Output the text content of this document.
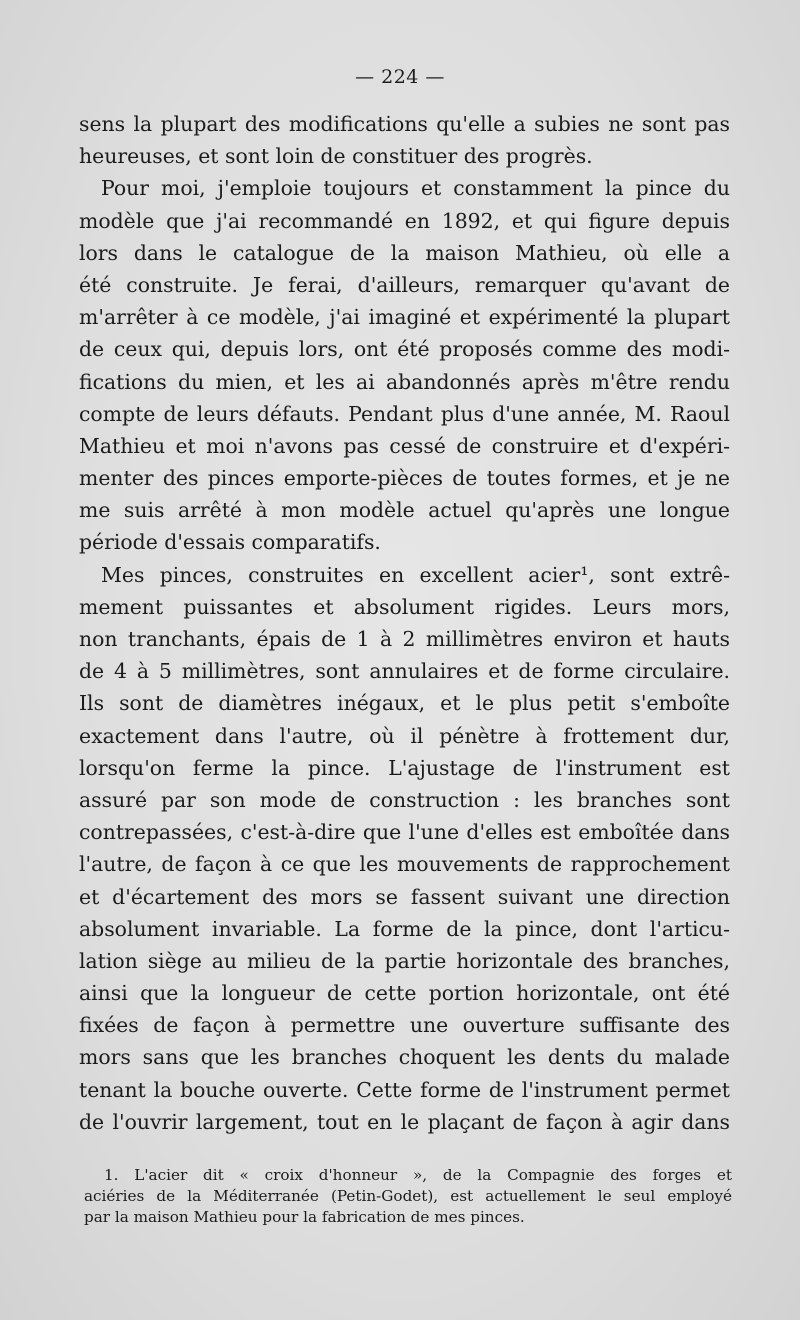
— 224 —
sens la plupart des modifications qu'elle a subies ne sont pas
heureuses, et sont loin de constituer des progrès.
Pour moi, j'emploie toujours et constamment la pince du
modèle que j'ai recommandé en 1892, et qui figure depuis
lors dans le catalogue de la maison Mathieu, où elle a
été construite. Je ferai, d'ailleurs, remarquer qu'avant de
m'arrêter à ce modèle, j'ai imaginé et expérimenté la plupart
de ceux qui, depuis lors, ont été proposés comme des modi-
fications du mien, et les ai abandonnés après m'être rendu
compte de leurs défauts. Pendant plus d'une année, M. Raoul
Mathieu et moi n'avons pas cessé de construire et d'expéri-
menter des pinces emporte-pièces de toutes formes, et je ne
me suis arrêté à mon modèle actuel qu'après une longue
période d'essais comparatifs.
Mes pinces, construites en excellent acier¹, sont extrê-
mement puissantes et absolument rigides. Leurs mors,
non tranchants, épais de 1 à 2 millimètres environ et hauts
de 4 à 5 millimètres, sont annulaires et de forme circulaire.
Ils sont de diamètres inégaux, et le plus petit s'emboîte
exactement dans l'autre, où il pénètre à frottement dur,
lorsqu'on ferme la pince. L'ajustage de l'instrument est
assuré par son mode de construction : les branches sont
contrepassées, c'est-à-dire que l'une d'elles est emboîtée dans
l'autre, de façon à ce que les mouvements de rapprochement
et d'écartement des mors se fassent suivant une direction
absolument invariable. La forme de la pince, dont l'articu-
lation siège au milieu de la partie horizontale des branches,
ainsi que la longueur de cette portion horizontale, ont été
fixées de façon à permettre une ouverture suffisante des
mors sans que les branches choquent les dents du malade
tenant la bouche ouverte. Cette forme de l'instrument permet
de l'ouvrir largement, tout en le plaçant de façon à agir dans
1. L'acier dit « croix d'honneur », de la Compagnie des forges et
aciéries de la Méditerranée (Petin-Godet), est actuellement le seul employé
par la maison Mathieu pour la fabrication de mes pinces.
